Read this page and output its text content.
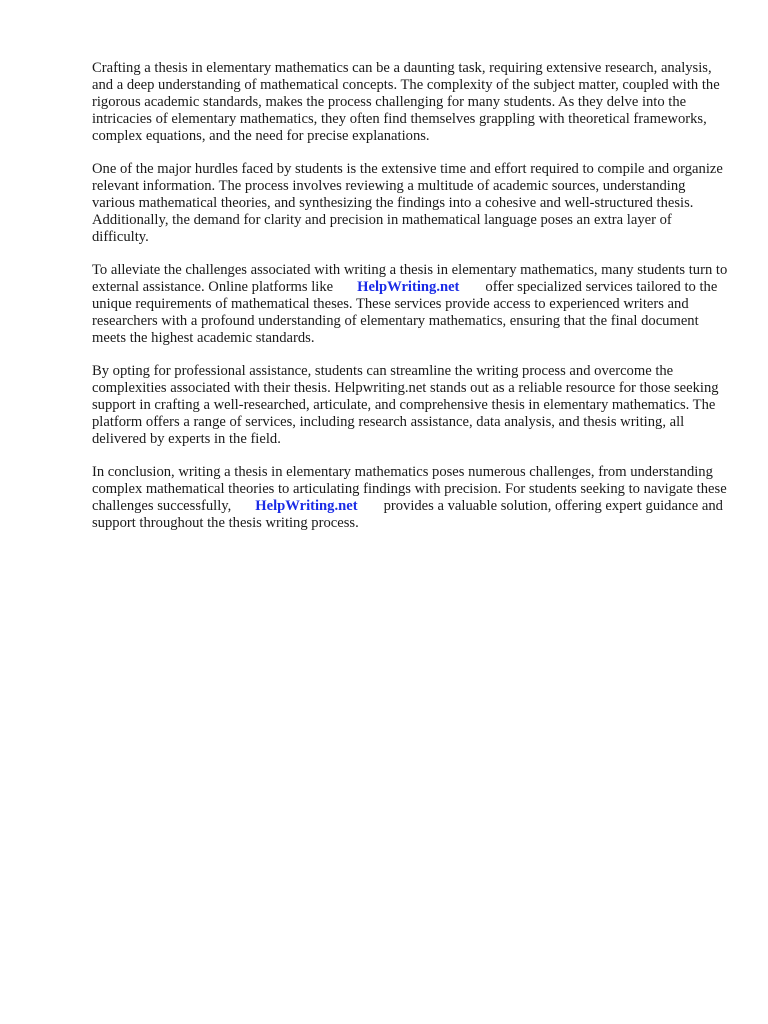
Crafting a thesis in elementary mathematics can be a daunting task, requiring extensive research, analysis, and a deep understanding of mathematical concepts. The complexity of the subject matter, coupled with the rigorous academic standards, makes the process challenging for many students. As they delve into the intricacies of elementary mathematics, they often find themselves grappling with theoretical frameworks, complex equations, and the need for precise explanations.

One of the major hurdles faced by students is the extensive time and effort required to compile and organize relevant information. The process involves reviewing a multitude of academic sources, understanding various mathematical theories, and synthesizing the findings into a cohesive and well-structured thesis. Additionally, the demand for clarity and precision in mathematical language poses an extra layer of difficulty.

To alleviate the challenges associated with writing a thesis in elementary mathematics, many students turn to external assistance. Online platforms like HelpWriting.net offer specialized services tailored to the unique requirements of mathematical theses. These services provide access to experienced writers and researchers with a profound understanding of elementary mathematics, ensuring that the final document meets the highest academic standards.

By opting for professional assistance, students can streamline the writing process and overcome the complexities associated with their thesis. Helpwriting.net stands out as a reliable resource for those seeking support in crafting a well-researched, articulate, and comprehensive thesis in elementary mathematics. The platform offers a range of services, including research assistance, data analysis, and thesis writing, all delivered by experts in the field.

In conclusion, writing a thesis in elementary mathematics poses numerous challenges, from understanding complex mathematical theories to articulating findings with precision. For students seeking to navigate these challenges successfully, HelpWriting.net provides a valuable solution, offering expert guidance and support throughout the thesis writing process.
